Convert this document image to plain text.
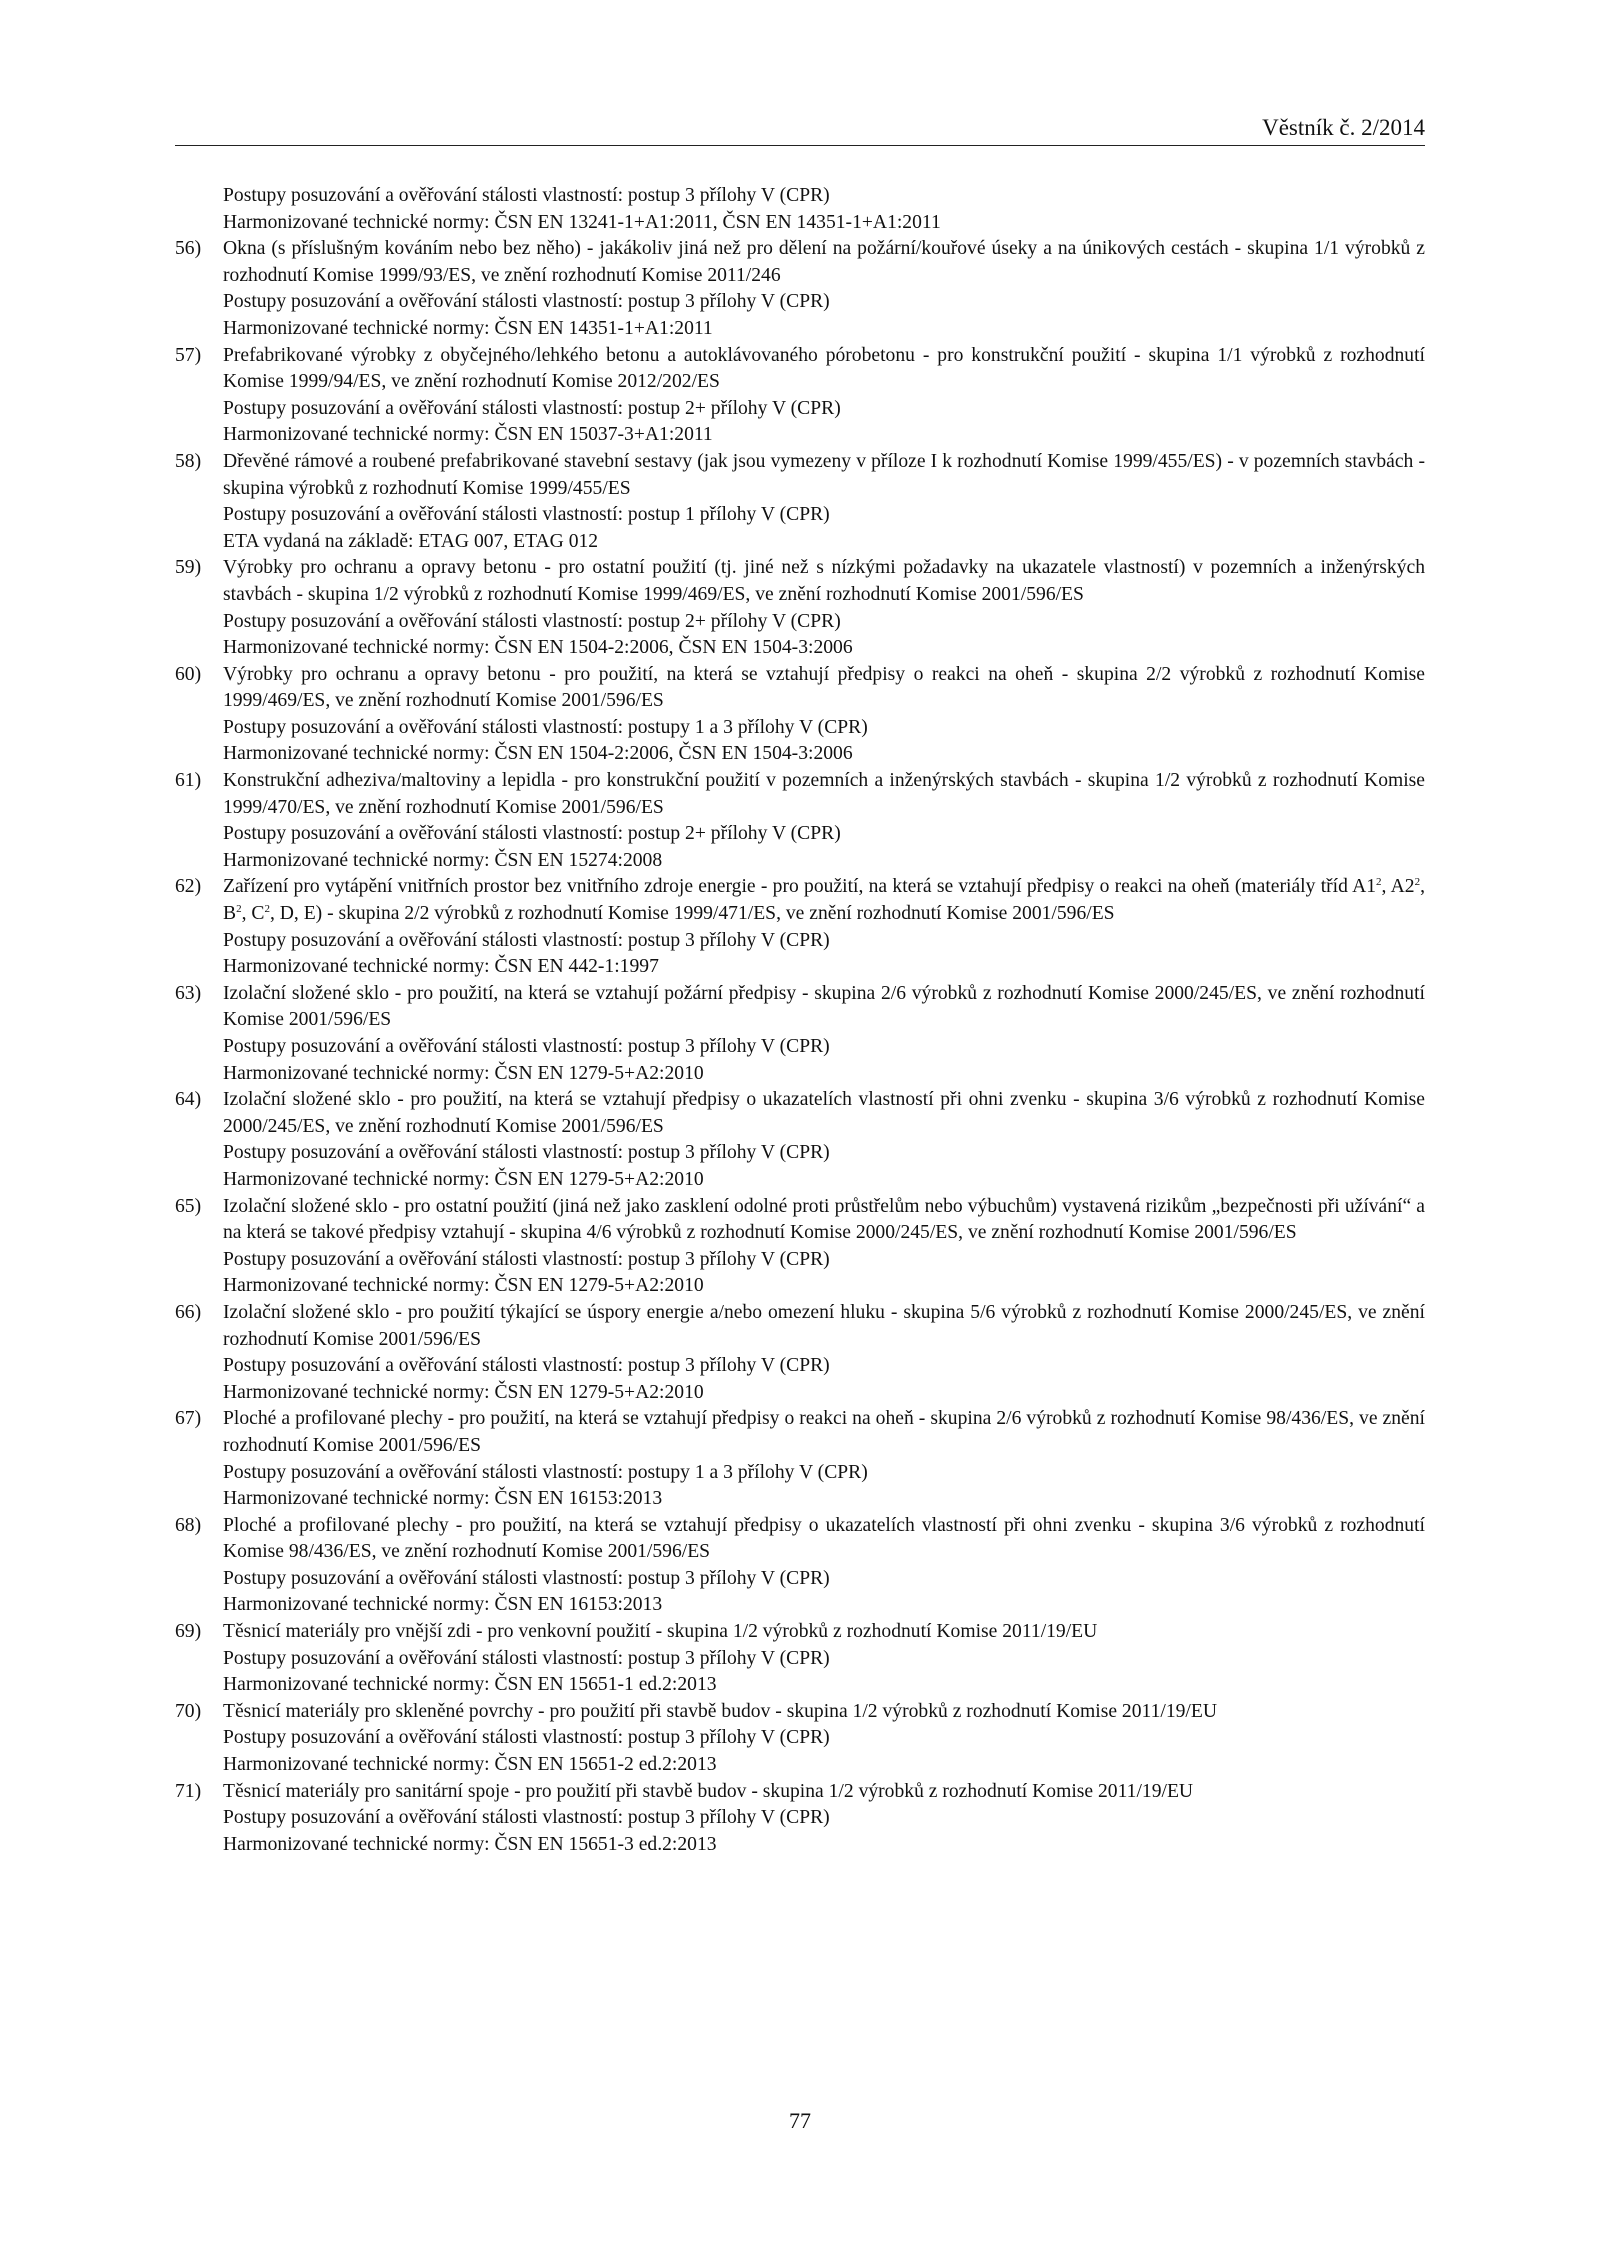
Věstník č. 2/2014
Postupy posuzování a ověřování stálosti vlastností: postup 3 přílohy V (CPR)
Harmonizované technické normy: ČSN EN 13241-1+A1:2011, ČSN EN 14351-1+A1:2011
56) Okna (s příslušným kováním nebo bez něho) - jakákoliv jiná než pro dělení na požární/kouřové úseky a na únikových cestách - skupina 1/1 výrobků z rozhodnutí Komise 1999/93/ES, ve znění rozhodnutí Komise 2011/246
Postupy posuzování a ověřování stálosti vlastností: postup 3 přílohy V (CPR)
Harmonizované technické normy: ČSN EN 14351-1+A1:2011
57) Prefabrikované výrobky z obyčejného/lehkého betonu a autoklávovaného pórobetonu - pro konstrukční použití - skupina 1/1 výrobků z rozhodnutí Komise 1999/94/ES, ve znění rozhodnutí Komise 2012/202/ES
Postupy posuzování a ověřování stálosti vlastností: postup 2+ přílohy V (CPR)
Harmonizované technické normy: ČSN EN 15037-3+A1:2011
58) Dřevěné rámové a roubené prefabrikované stavební sestavy (jak jsou vymezeny v příloze I k rozhodnutí Komise 1999/455/ES) - v pozemních stavbách - skupina výrobků z rozhodnutí Komise 1999/455/ES
Postupy posuzování a ověřování stálosti vlastností: postup 1 přílohy V (CPR)
ETA vydaná na základě: ETAG 007, ETAG 012
59) Výrobky pro ochranu a opravy betonu - pro ostatní použití (tj. jiné než s nízkými požadavky na ukazatele vlastností) v pozemních a inženýrských stavbách - skupina 1/2 výrobků z rozhodnutí Komise 1999/469/ES, ve znění rozhodnutí Komise 2001/596/ES
Postupy posuzování a ověřování stálosti vlastností: postup 2+ přílohy V (CPR)
Harmonizované technické normy: ČSN EN 1504-2:2006, ČSN EN 1504-3:2006
60) Výrobky pro ochranu a opravy betonu - pro použití, na která se vztahují předpisy o reakci na oheň - skupina 2/2 výrobků z rozhodnutí Komise 1999/469/ES, ve znění rozhodnutí Komise 2001/596/ES
Postupy posuzování a ověřování stálosti vlastností: postupy 1 a 3 přílohy V (CPR)
Harmonizované technické normy: ČSN EN 1504-2:2006, ČSN EN 1504-3:2006
61) Konstrukční adheziva/maltoviny a lepidla - pro konstrukční použití v pozemních a inženýrských stavbách - skupina 1/2 výrobků z rozhodnutí Komise 1999/470/ES, ve znění rozhodnutí Komise 2001/596/ES
Postupy posuzování a ověřování stálosti vlastností: postup 2+ přílohy V (CPR)
Harmonizované technické normy: ČSN EN 15274:2008
62) Zařízení pro vytápění vnitřních prostor bez vnitřního zdroje energie - pro použití, na která se vztahují předpisy o reakci na oheň (materiály tříd $A1^2$, $A2^2$, $B^2$, $C^2$, D, E) - skupina 2/2 výrobků z rozhodnutí Komise 1999/471/ES, ve znění rozhodnutí Komise 2001/596/ES
Postupy posuzování a ověřování stálosti vlastností: postup 3 přílohy V (CPR)
Harmonizované technické normy: ČSN EN 442-1:1997
63) Izolační složené sklo - pro použití, na která se vztahují požární předpisy - skupina 2/6 výrobků z rozhodnutí Komise 2000/245/ES, ve znění rozhodnutí Komise 2001/596/ES
Postupy posuzování a ověřování stálosti vlastností: postup 3 přílohy V (CPR)
Harmonizované technické normy: ČSN EN 1279-5+A2:2010
64) Izolační složené sklo - pro použití, na která se vztahují předpisy o ukazatelích vlastností při ohni zvenku - skupina 3/6 výrobků z rozhodnutí Komise 2000/245/ES, ve znění rozhodnutí Komise 2001/596/ES
Postupy posuzování a ověřování stálosti vlastností: postup 3 přílohy V (CPR)
Harmonizované technické normy: ČSN EN 1279-5+A2:2010
65) Izolační složené sklo - pro ostatní použití (jiná než jako zasklení odolné proti průstřelům nebo výbuchům) vystavená rizikům „bezpečnosti při užívání“ a na která se takové předpisy vztahují - skupina 4/6 výrobků z rozhodnutí Komise 2000/245/ES, ve znění rozhodnutí Komise 2001/596/ES
Postupy posuzování a ověřování stálosti vlastností: postup 3 přílohy V (CPR)
Harmonizované technické normy: ČSN EN 1279-5+A2:2010
66) Izolační složené sklo - pro použití týkající se úspory energie a/nebo omezení hluku - skupina 5/6 výrobků z rozhodnutí Komise 2000/245/ES, ve znění rozhodnutí Komise 2001/596/ES
Postupy posuzování a ověřování stálosti vlastností: postup 3 přílohy V (CPR)
Harmonizované technické normy: ČSN EN 1279-5+A2:2010
67) Ploché a profilované plechy - pro použití, na která se vztahují předpisy o reakci na oheň - skupina 2/6 výrobků z rozhodnutí Komise 98/436/ES, ve znění rozhodnutí Komise 2001/596/ES
Postupy posuzování a ověřování stálosti vlastností: postupy 1 a 3 přílohy V (CPR)
Harmonizované technické normy: ČSN EN 16153:2013
68) Ploché a profilované plechy - pro použití, na která se vztahují předpisy o ukazatelích vlastností při ohni zvenku - skupina 3/6 výrobků z rozhodnutí Komise 98/436/ES, ve znění rozhodnutí Komise 2001/596/ES
Postupy posuzování a ověřování stálosti vlastností: postup 3 přílohy V (CPR)
Harmonizované technické normy: ČSN EN 16153:2013
69) Těsnicí materiály pro vnější zdi - pro venkovní použití - skupina 1/2 výrobků z rozhodnutí Komise 2011/19/EU
Postupy posuzování a ověřování stálosti vlastností: postup 3 přílohy V (CPR)
Harmonizované technické normy: ČSN EN 15651-1 ed.2:2013
70) Těsnicí materiály pro skleněné povrchy - pro použití při stavbě budov - skupina 1/2 výrobků z rozhodnutí Komise 2011/19/EU
Postupy posuzování a ověřování stálosti vlastností: postup 3 přílohy V (CPR)
Harmonizované technické normy: ČSN EN 15651-2 ed.2:2013
71) Těsnicí materiály pro sanitární spoje - pro použití při stavbě budov - skupina 1/2 výrobků z rozhodnutí Komise 2011/19/EU
Postupy posuzování a ověřování stálosti vlastností: postup 3 přílohy V (CPR)
Harmonizované technické normy: ČSN EN 15651-3 ed.2:2013
77
